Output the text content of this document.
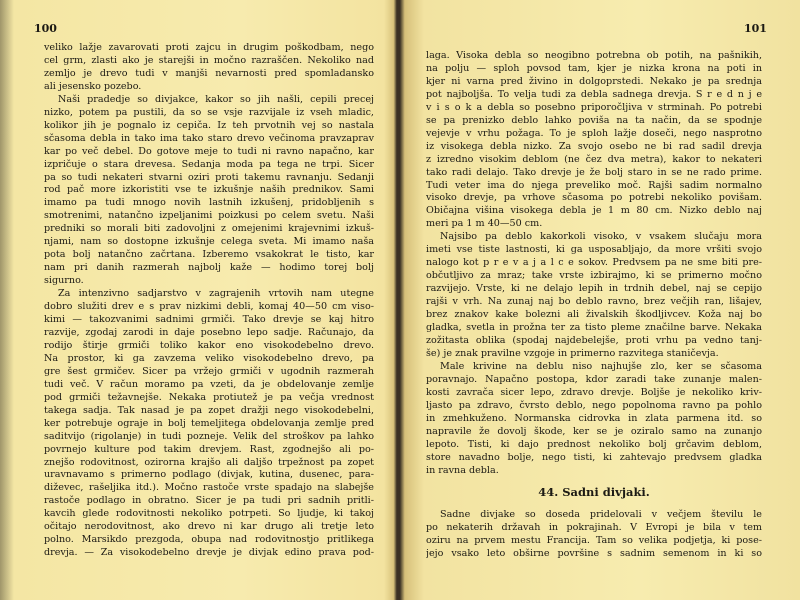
100
veliko lažje zavarovati proti zajcu in drugim poškodbam, nego
cel grm, zlasti ako je starejši in močno razraščen. Nekoliko nad
zemljo je drevo tudi v manjši nevarnosti pred spomladansko
ali jesensko pozebo.
Naši pradedje so divjakce, kakor so jih našli, cepili precej
nizko, potem pa pustili, da so se vsje razvijale iz vseh mladic,
kolikor jih je pognalo iz cepiča. Iz teh prvotnih vej so nastala
sčasoma debla in tako ima tako staro drevo večinoma pravzaprav
kar po več debel. Do gotove meje to tudi ni ravno napačno, kar
izpričuje o stara drevesa. Sedanja moda pa tega ne trpi. Sicer
pa so tudi nekateri stvarni oziri proti takemu ravnanju. Sedanji
rod pač more izkoristiti vse te izkušnje naših prednikov. Sami
imamo pa tudi mnogo novih lastnih izkušenj, pridobljenih s
smotrenimi, natančno izpeljanimi poizkusi po celem svetu. Naši
predniki so morali biti zadovoljni z omejenimi krajevnimi izkuš-
njami, nam so dostopne izkušnje celega sveta. Mi imamo naša
pota bolj natančno začrtana. Izberemo vsakokrat le tisto, kar
nam pri danih razmerah najbolj kaže — hodimo torej bolj
sigurno.
Za intenzivno sadjarstvo v zagrajenih vrtovih nam utegne
dobro služiti drev e s prav nizkimi debli, komaj 40—50 cm viso-
kimi — takozvanimi sadnimi grmiči. Tako drevje se kaj hitro
razvije, zgodaj zarodi in daje posebno lepo sadje. Računajo, da
rodijo štirje grmiči toliko kakor eno visokodebelno drevo.
Na prostor, ki ga zavzema veliko visokodebelno drevo, pa
gre šest grmičev. Sicer pa vržejo grmiči v ugodnih razmerah
tudi več. V račun moramo pa vzeti, da je obdelovanje zemlje
pod grmiči težavnejše. Nekaka protiutež je pa večja vrednost
takega sadja. Tak nasad je pa zopet dražji nego visokodebelni,
ker potrebuje ograje in bolj temeljitega obdelovanja zemlje pred
saditvijo (rigolanje) in tudi pozneje. Velik del stroškov pa lahko
povrnejo kulture pod takim drevjem. Rast, zgodnejšo ali po-
znejšo rodovitnost, ozirorna krajšo ali daljšo trpežnost pa zopet
uravnavamo s primerno podlago (divjak, kutina, dusenec, para-
diževec, rašeljika itd.). Močno rastoče vrste spadajo na slabejše
rastoče podlago in obratno. Sicer je pa tudi pri sadnih pritli-
kavcih glede rodovitnosti nekoliko potrpeti. So ljudje, ki takoj
očitajo nerodovitnost, ako drevo ni kar drugo ali tretje leto
polno. Marsikdo prezgoda, obupa nad rodovitnostjo pritlikega
drevja. — Za visokodebelno drevje je divjak edino prava pod-
101
laga. Visoka debla so neogibno potrebna ob potih, na pašnikih,
na polju — sploh povsod tam, kjer je nizka krona na poti in
kjer ni varna pred živino in dolgoprstedi. Nekako je pa srednja
pot najboljša. To velja tudi za debla sadnega drevja. S r e d n j e
v i s o k a debla so posebno priporočljiva v strminah. Po potrebi
se pa prenizko deblo lahko poviša na ta način, da se spodnje
vejevje v vrhu požaga. To je sploh lažje doseči, nego nasprotno
iz visokega debla nizko. Za svojo osebo ne bi rad sadil drevja
z izredno visokim deblom (ne čez dva metra), kakor to nekateri
tako radi delajo. Tako drevje je že bolj staro in se ne rado prime.
Tudi veter ima do njega preveliko moč. Rajši sadim normalno
visoko drevje, pa vrhove sčasoma po potrebi nekoliko povišam.
Običajna višina visokega debla je 1 m 80 cm. Nizko deblo naj
meri pa 1 m 40—50 cm.
Najsibo pa deblo kakorkoli visoko, v vsakem slučaju mora
imeti vse tiste lastnosti, ki ga usposabljajo, da more vršiti svojo
nalogo kot p r e v a j a l c e sokov. Predvsem pa ne sme biti pre-
občutljivo za mraz; take vrste izbirajmo, ki se primerno močno
razvijejo. Vrste, ki ne delajo lepih in trdnih debel, naj se cepijo
rajši v vrh. Na zunaj naj bo deblo ravno, brez večjih ran, lišajev,
brez znakov kake bolezni ali živalskih škodljivcev. Koža naj bo
gladka, svetla in prožna ter za tisto pleme značilne barve. Nekaka
zožitasta oblika (spodaj najdebelejše, proti vrhu pa vedno tanj-
še) je znak pravilne vzgoje in primerno razvitega staničevja.
Male krivine na deblu niso najhujše zlo, ker se sčasoma
poravnajo. Napačno postopa, kdor zaradi take zunanje malen-
kosti zavrača sicer lepo, zdravo drevje. Boljše je nekoliko kriv-
ljasto pa zdravo, čvrsto deblo, nego popolnoma ravno pa pohlo
in zmehkuženo. Normanska cidrovka in zlata parmena itd. so
napravile že dovolj škode, ker se je oziralo samo na zunanjo
lepoto. Tisti, ki dajo prednost nekoliko bolj grčavim deblom,
store navadno bolje, nego tisti, ki zahtevajo predvsem gladka
in ravna debla.
44. Sadni divjaki.
Sadne divjake so doseda pridelovali v večjem številu le
po nekaterih državah in pokrajinah. V Evropi je bila v tem
oziru na prvem mestu Francija. Tam so velika podjetja, ki pose-
jejo vsako leto obširne površine s sadnim semenom in ki so
